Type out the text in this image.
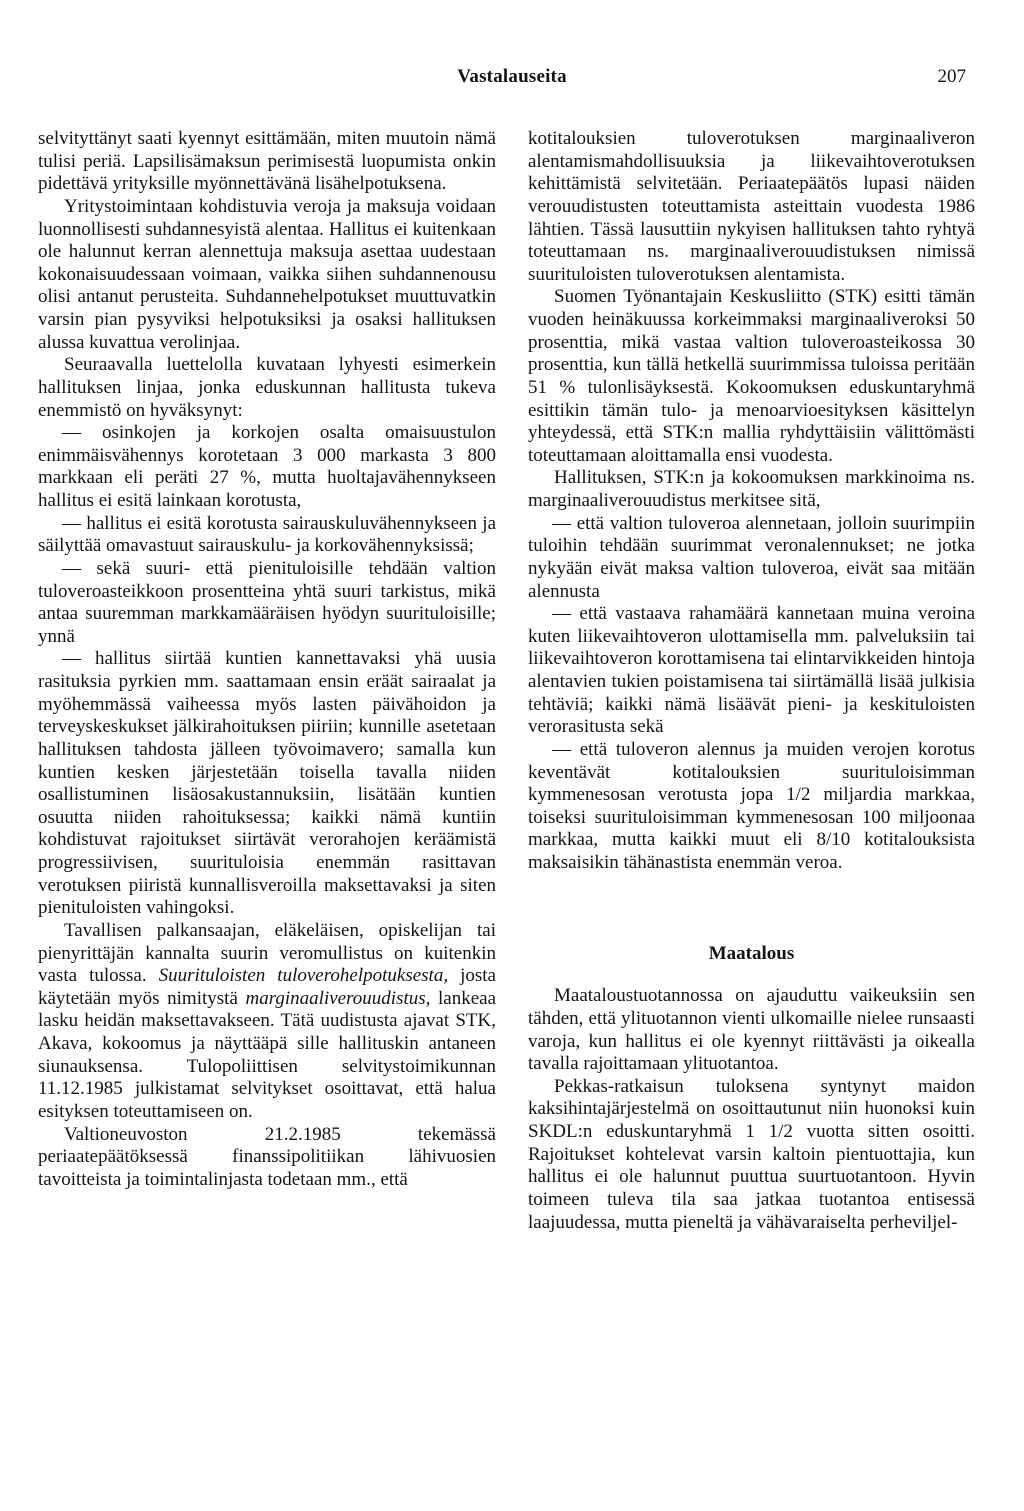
Vastalauseita	207

selvityttänyt saati kyennyt esittämään, miten muutoin nämä tulisi periä. Lapsilisämaksun perimisestä luopumista onkin pidettävä yrityksille myönnettävänä lisähelpotuksena.

Yritystoimintaan kohdistuvia veroja ja maksuja voidaan luonnollisesti suhdannesyistä alentaa. Hallitus ei kuitenkaan ole halunnut kerran alennettuja maksuja asettaa uudestaan kokonaisuudessaan voimaan, vaikka siihen suhdannenousu olisi antanut perusteita. Suhdannehelpotukset muuttuvatkin varsin pian pysyviksi helpotuksiksi ja osaksi hallituksen alussa kuvattua verolinjaa.

Seuraavalla luettelolla kuvataan lyhyesti esimerkein hallituksen linjaa, jonka eduskunnan hallitusta tukeva enemmistö on hyväksynyt:

— osinkojen ja korkojen osalta omaisuustulon enimmäisvähennys korotetaan 3 000 markasta 3 800 markkaan eli peräti 27 %, mutta huoltajavähennykseen hallitus ei esitä lainkaan korotusta,

— hallitus ei esitä korotusta sairauskuluvähennykseen ja säilyttää omavastuut sairauskulu- ja korkovähennyksissä;

— sekä suuri- että pienituloisille tehdään valtion tuloveroasteikkoon prosentteina yhtä suuri tarkistus, mikä antaa suuremman markkamääräisen hyödyn suurituloisille; ynnä

— hallitus siirtää kuntien kannettavaksi yhä uusia rasituksia pyrkien mm. saattamaan ensin eräät sairaalat ja myöhemmässä vaiheessa myös lasten päivähoidon ja terveyskeskukset jälkirahoituksen piiriin; kunnille asetetaan hallituksen tahdosta jälleen työvoimavero; samalla kun kuntien kesken järjestetään toisella tavalla niiden osallistuminen lisäosakustannuksiin, lisätään kuntien osuutta niiden rahoituksessa; kaikki nämä kuntiin kohdistuvat rajoitukset siirtävät verorahojen keräämistä progressiivisen, suurituloisia enemmän rasittavan verotuksen piiristä kunnallisveroilla maksettavaksi ja siten pienituloisten vahingoksi.

Tavallisen palkansaajan, eläkeläisen, opiskelijan tai pienyrittäjän kannalta suurin veromullistus on kuitenkin vasta tulossa. Suurituloisten tuloverohelpotuksesta, josta käytetään myös nimitystä marginaaliverouudistus, lankeaa lasku heidän maksettavakseen. Tätä uudistusta ajavat STK, Akava, kokoomus ja näyttääpä sille hallituskin antaneen siunauksensa. Tulopoliittisen selvitystoimikunnan 11.12.1985 julkistamat selvitykset osoittavat, että halua esityksen toteuttamiseen on.

Valtioneuvoston 21.2.1985 tekemässä periaatepäätöksessä finanssipolitiikan lähivuosien tavoitteista ja toimintalinjasta todetaan mm., että

kotitalouksien tuloverotuksen marginaaliveron alentamismahdollisuuksia ja liikevaihtoverotuksen kehittämistä selvitetään. Periaatepäätös lupasi näiden verouudistusten toteuttamista asteittain vuodesta 1986 lähtien. Tässä lausuttiin nykyisen hallituksen tahto ryhtyä toteuttamaan ns. marginaaliverouudistuksen nimissä suurituloisten tuloverotuksen alentamista.

Suomen Työnantajain Keskusliitto (STK) esitti tämän vuoden heinäkuussa korkeimmaksi marginaaliveroksi 50 prosenttia, mikä vastaa valtion tuloveroasteikossa 30 prosenttia, kun tällä hetkellä suurimmissa tuloissa peritään 51 % tulonlisäyksestä. Kokoomuksen eduskuntaryhmä esittikin tämän tulo- ja menoarvioesityksen käsittelyn yhteydessä, että STK:n mallia ryhdyttäisiin välittömästi toteuttamaan aloittamalla ensi vuodesta.

Hallituksen, STK:n ja kokoomuksen markkinoima ns. marginaaliverouudistus merkitsee sitä,

— että valtion tuloveroa alennetaan, jolloin suurimpiin tuloihin tehdään suurimmat veronalennukset; ne jotka nykyään eivät maksa valtion tuloveroa, eivät saa mitään alennusta

— että vastaava rahamäärä kannetaan muina veroina kuten liikevaihtoveron ulottamisella mm. palveluksiin tai liikevaihtoveron korottamisena tai elintarvikkeiden hintoja alentavien tukien poistamisena tai siirtämällä lisää julkisia tehtäviä; kaikki nämä lisäävät pieni- ja keskituloisten verorasitusta sekä

— että tuloveron alennus ja muiden verojen korotus keventävät kotitalouksien suurituloisimman kymmenesosan verotusta jopa 1/2 miljardia markkaa, toiseksi suurituloisimman kymmenesosan 100 miljoonaa markkaa, mutta kaikki muut eli 8/10 kotitalouksista maksaisikin tähänastista enemmän veroa.

Maatalous

Maataloustuotannossa on ajauduttu vaikeuksiin sen tähden, että ylituotannon vienti ulkomaille nielee runsaasti varoja, kun hallitus ei ole kyennyt riittävästi ja oikealla tavalla rajoittamaan ylituotantoa.

Pekkas-ratkaisun tuloksena syntynyt maidon kaksihintajärjestelmä on osoittautunut niin huonoksi kuin SKDL:n eduskuntaryhmä 1 1/2 vuotta sitten osoitti. Rajoitukset kohtelevat varsin kaltoin pientuottajia, kun hallitus ei ole halunnut puuttua suurtuotantoon. Hyvin toimeen tuleva tila saa jatkaa tuotantoa entisessä laajuudessa, mutta pieneltä ja vähävaraiselta perheviljel-
